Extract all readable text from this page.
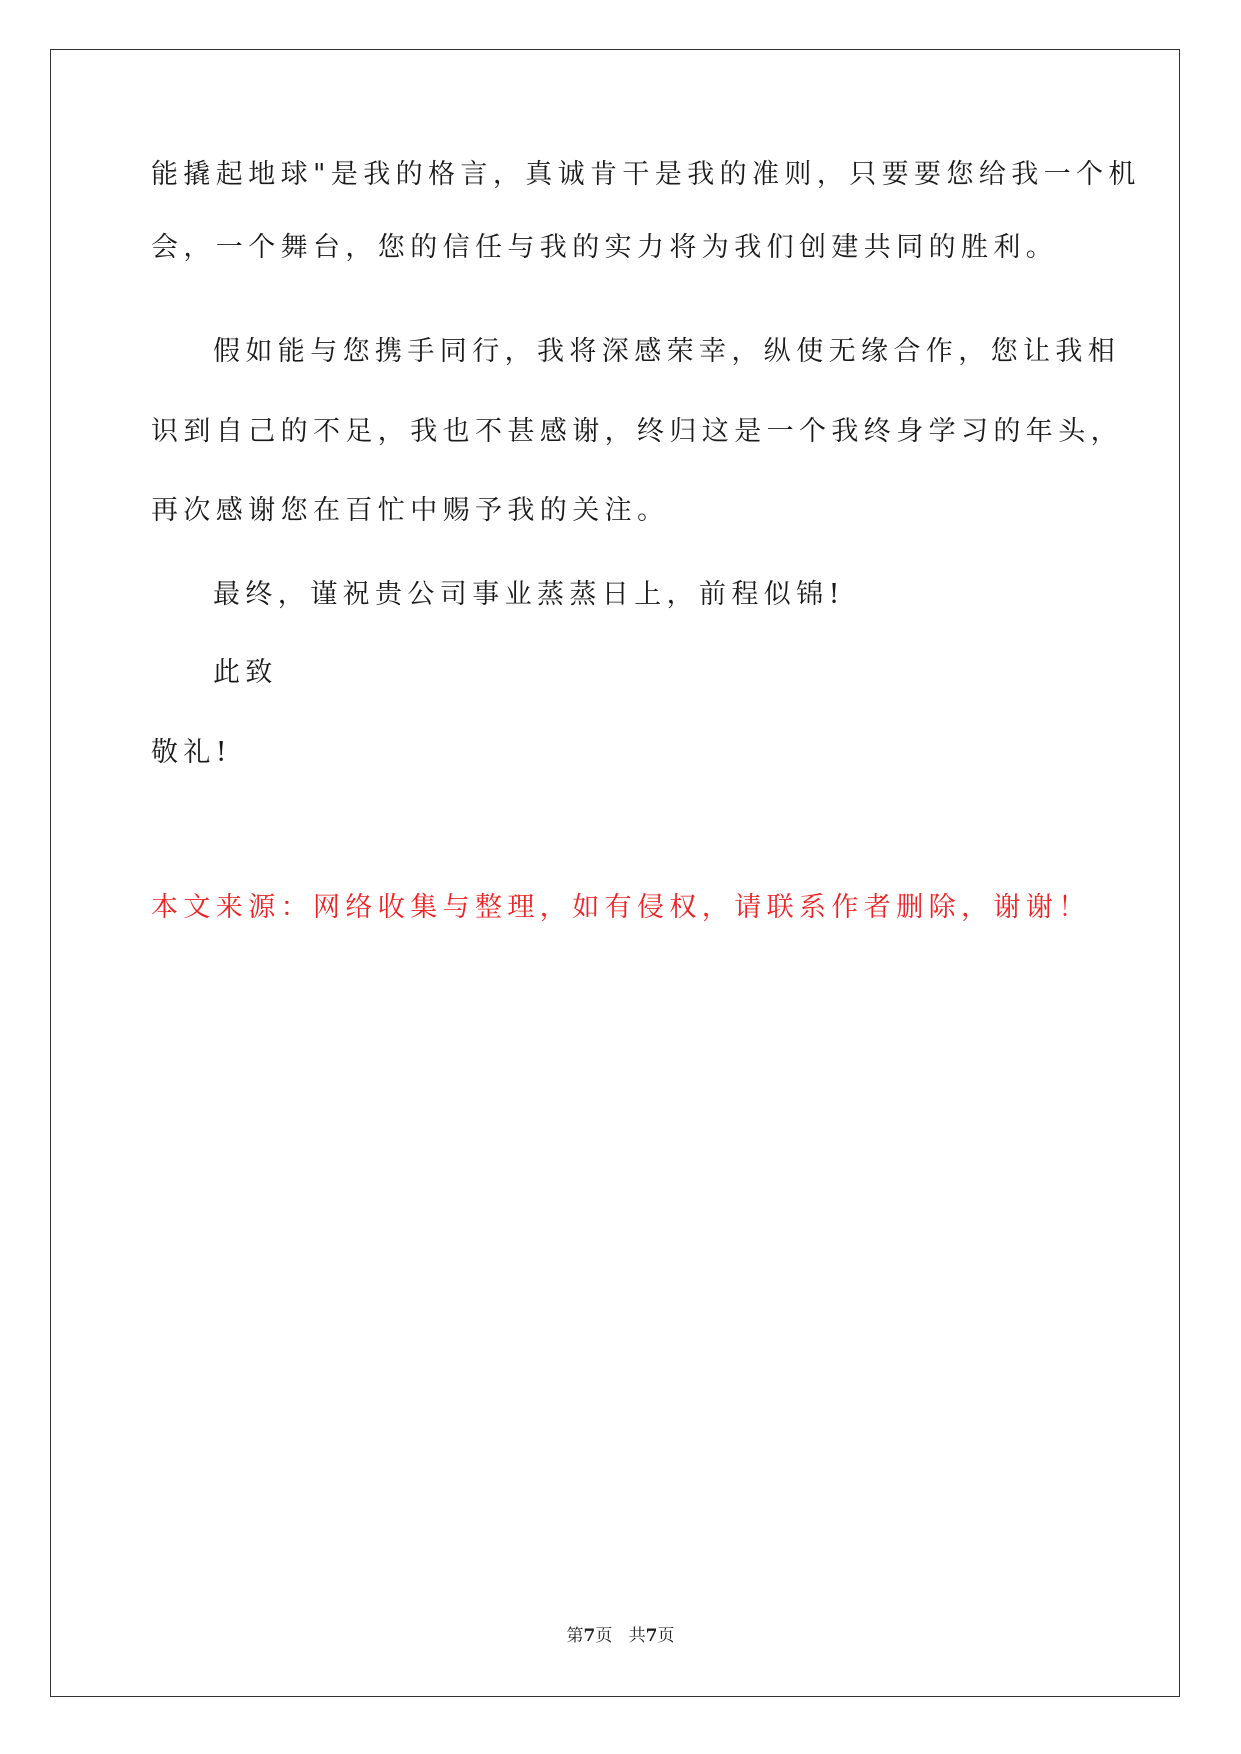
能撬起地球"是我的格言，真诚肯干是我的准则，只要要您给我一个机
会，一个舞台，您的信任与我的实力将为我们创建共同的胜利。
假如能与您携手同行，我将深感荣幸，纵使无缘合作，您让我相
识到自己的不足，我也不甚感谢，终归这是一个我终身学习的年头，
再次感谢您在百忙中赐予我的关注。
最终，谨祝贵公司事业蒸蒸日上，前程似锦!
此致
敬礼!
本文来源：网络收集与整理，如有侵权，请联系作者删除，谢谢！
第7页   共7页
